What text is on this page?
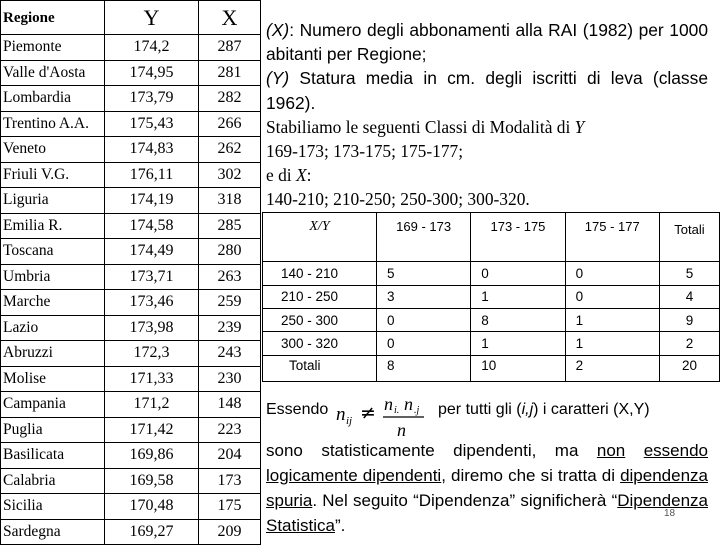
Regione	Y	X
Piemonte	174,2	287
Valle d'Aosta	174,95	281
Lombardia	173,79	282
Trentino A.A.	175,43	266
Veneto	174,83	262
Friuli V.G.	176,11	302
Liguria	174,19	318
Emilia R.	174,58	285
Toscana	174,49	280
Umbria	173,71	263
Marche	173,46	259
Lazio	173,98	239
Abruzzi	172,3	243
Molise	171,33	230
Campania	171,2	148
Puglia	171,42	223
Basilicata	169,86	204
Calabria	169,58	173
Sicilia	170,48	175
Sardegna	169,27	209

(X): Numero degli abbonamenti alla RAI (1982) per 1000 abitanti per Regione;

(Y) Statura media in cm. degli iscritti di leva (classe 1962).

Stabiliamo le seguenti Classi di Modalità di Y

169-173; 173-175; 175-177;

e di X:

140-210; 210-250; 250-300; 300-320.

X/Y	169 - 173	173 - 175	175 - 177	Totali
140 - 210	5	0	0	5
210 - 250	3	1	0	4
250 - 300	0	8	1	9
300 - 320	0	1	1	2
Totali	8	10	2	20
Essendo n ij ≠ n i. n .j
n
per tutti gli (i,j) i caratteri (X,Y)
sono statisticamente dipendenti, ma non essendo logicamente dipendenti, diremo che si tratta di dipendenza spuria. Nel seguito “Dipendenza” significherà “Dipendenza Statistica”.
18
